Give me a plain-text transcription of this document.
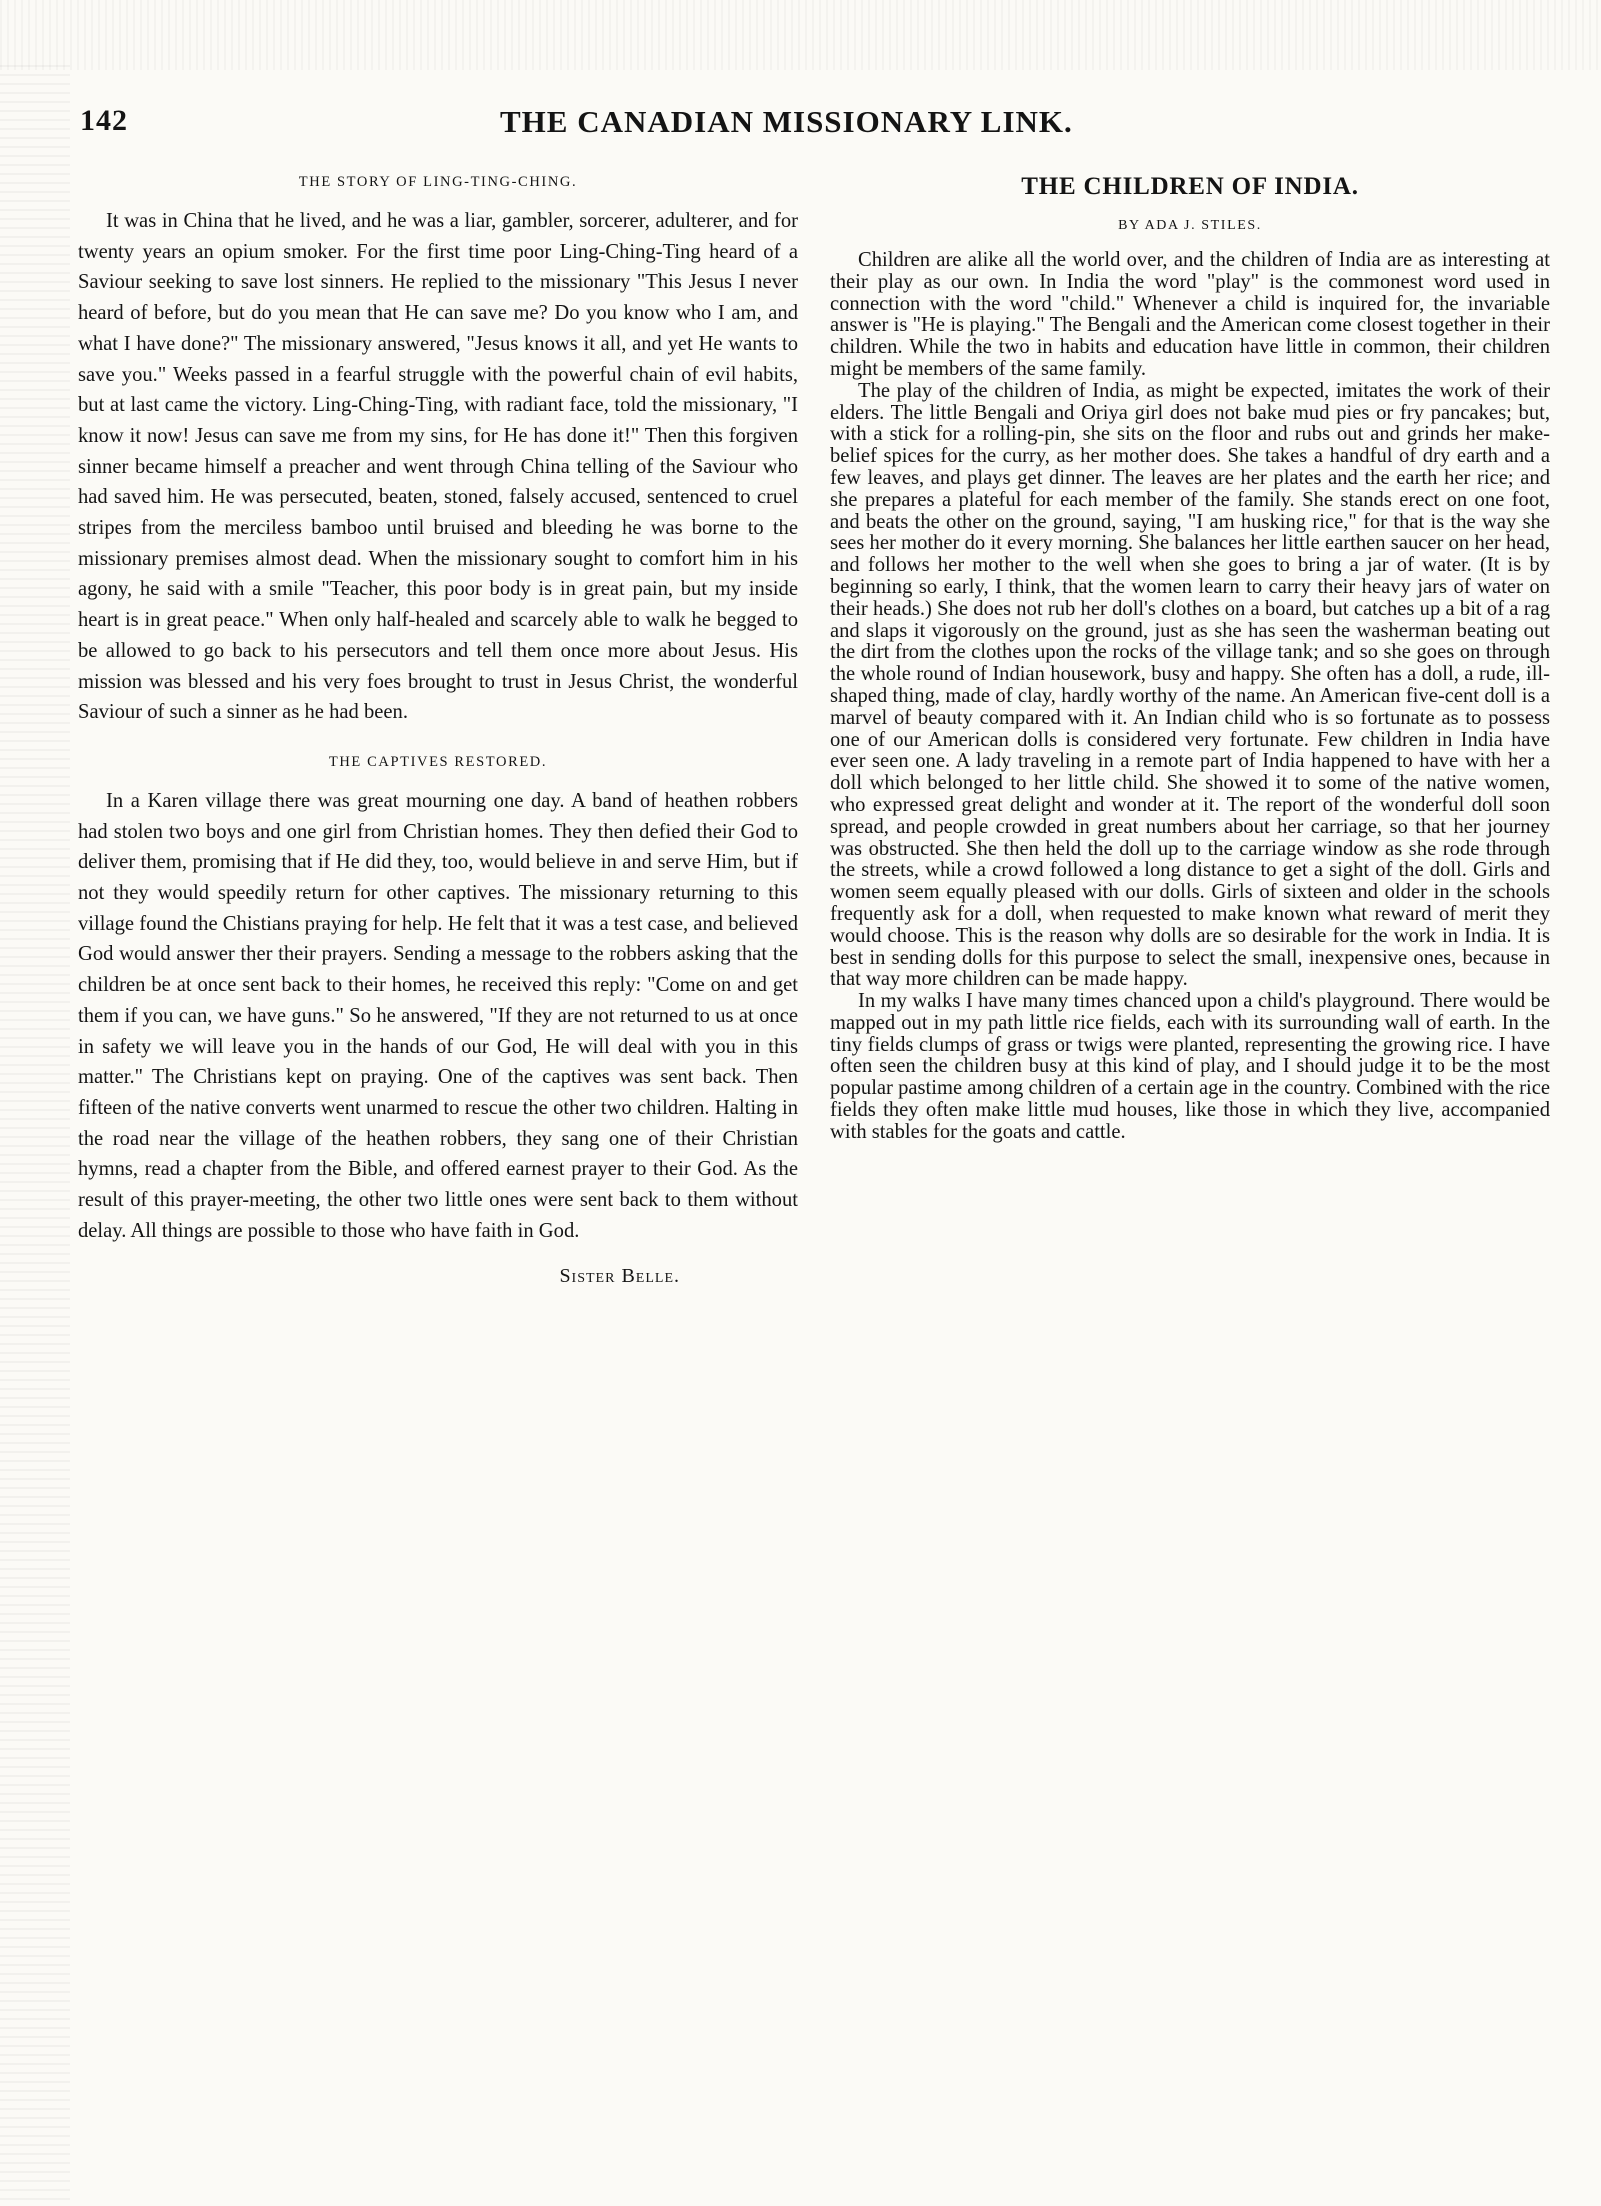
142	THE CANADIAN MISSIONARY LINK.
THE STORY OF LING-TING-CHING.

It was in China that he lived, and he was a liar, gambler, sorcerer, adulterer, and for twenty years an opium smoker. For the first time poor Ling-Ching-Ting heard of a Saviour seeking to save lost sinners. He replied to the missionary "This Jesus I never heard of before, but do you mean that He can save me? Do you know who I am, and what I have done?" The missionary answered, "Jesus knows it all, and yet He wants to save you." Weeks passed in a fearful struggle with the powerful chain of evil habits, but at last came the victory. Ling-Ching-Ting, with radiant face, told the missionary, "I know it now! Jesus can save me from my sins, for He has done it!" Then this forgiven sinner became himself a preacher and went through China telling of the Saviour who had saved him. He was persecuted, beaten, stoned, falsely accused, sentenced to cruel stripes from the merciless bamboo until bruised and bleeding he was borne to the missionary premises almost dead. When the missionary sought to comfort him in his agony, he said with a smile "Teacher, this poor body is in great pain, but my inside heart is in great peace." When only half-healed and scarcely able to walk he begged to be allowed to go back to his persecutors and tell them once more about Jesus. His mission was blessed and his very foes brought to trust in Jesus Christ, the wonderful Saviour of such a sinner as he had been.

THE CAPTIVES RESTORED.

In a Karen village there was great mourning one day. A band of heathen robbers had stolen two boys and one girl from Christian homes. They then defied their God to deliver them, promising that if He did they, too, would believe in and serve Him, but if not they would speedily return for other captives. The missionary returning to this village found the Chistians praying for help. He felt that it was a test case, and believed God would answer ther their prayers. Sending a message to the robbers asking that the children be at once sent back to their homes, he received this reply: "Come on and get them if you can, we have guns." So he answered, "If they are not returned to us at once in safety we will leave you in the hands of our God, He will deal with you in this matter." The Christians kept on praying. One of the captives was sent back. Then fifteen of the native converts went unarmed to rescue the other two children. Halting in the road near the village of the heathen robbers, they sang one of their Christian hymns, read a chapter from the Bible, and offered earnest prayer to their God. As the result of this prayer-meeting, the other two little ones were sent back to them without delay. All things are possible to those who have faith in God.

Sister Belle.
THE CHILDREN OF INDIA.
BY ADA J. STILES.

Children are alike all the world over, and the children of India are as interesting at their play as our own. In India the word "play" is the commonest word used in connection with the word "child." Whenever a child is inquired for, the invariable answer is "He is playing." The Bengali and the American come closest together in their children. While the two in habits and education have little in common, their children might be members of the same family.

The play of the children of India, as might be expected, imitates the work of their elders. The little Bengali and Oriya girl does not bake mud pies or fry pancakes; but, with a stick for a rolling-pin, she sits on the floor and rubs out and grinds her make-belief spices for the curry, as her mother does. She takes a handful of dry earth and a few leaves, and plays get dinner. The leaves are her plates and the earth her rice; and she prepares a plateful for each member of the family. She stands erect on one foot, and beats the other on the ground, saying, "I am husking rice," for that is the way she sees her mother do it every morning. She balances her little earthen saucer on her head, and follows her mother to the well when she goes to bring a jar of water. (It is by beginning so early, I think, that the women learn to carry their heavy jars of water on their heads.) She does not rub her doll's clothes on a board, but catches up a bit of a rag and slaps it vigorously on the ground, just as she has seen the washerman beating out the dirt from the clothes upon the rocks of the village tank; and so she goes on through the whole round of Indian housework, busy and happy. She often has a doll, a rude, ill-shaped thing, made of clay, hardly worthy of the name. An American five-cent doll is a marvel of beauty compared with it. An Indian child who is so fortunate as to possess one of our American dolls is considered very fortunate. Few children in India have ever seen one. A lady traveling in a remote part of India happened to have with her a doll which belonged to her little child. She showed it to some of the native women, who expressed great delight and wonder at it. The report of the wonderful doll soon spread, and people crowded in great numbers about her carriage, so that her journey was obstructed. She then held the doll up to the carriage window as she rode through the streets, while a crowd followed a long distance to get a sight of the doll. Girls and women seem equally pleased with our dolls. Girls of sixteen and older in the schools frequently ask for a doll, when requested to make known what reward of merit they would choose. This is the reason why dolls are so desirable for the work in India. It is best in sending dolls for this purpose to select the small, inexpensive ones, because in that way more children can be made happy.

In my walks I have many times chanced upon a child's playground. There would be mapped out in my path little rice fields, each with its surrounding wall of earth. In the tiny fields clumps of grass or twigs were planted, representing the growing rice. I have often seen the children busy at this kind of play, and I should judge it to be the most popular pastime among children of a certain age in the country. Combined with the rice fields they often make little mud houses, like those in which they live, accompanied with stables for the goats and cattle.
